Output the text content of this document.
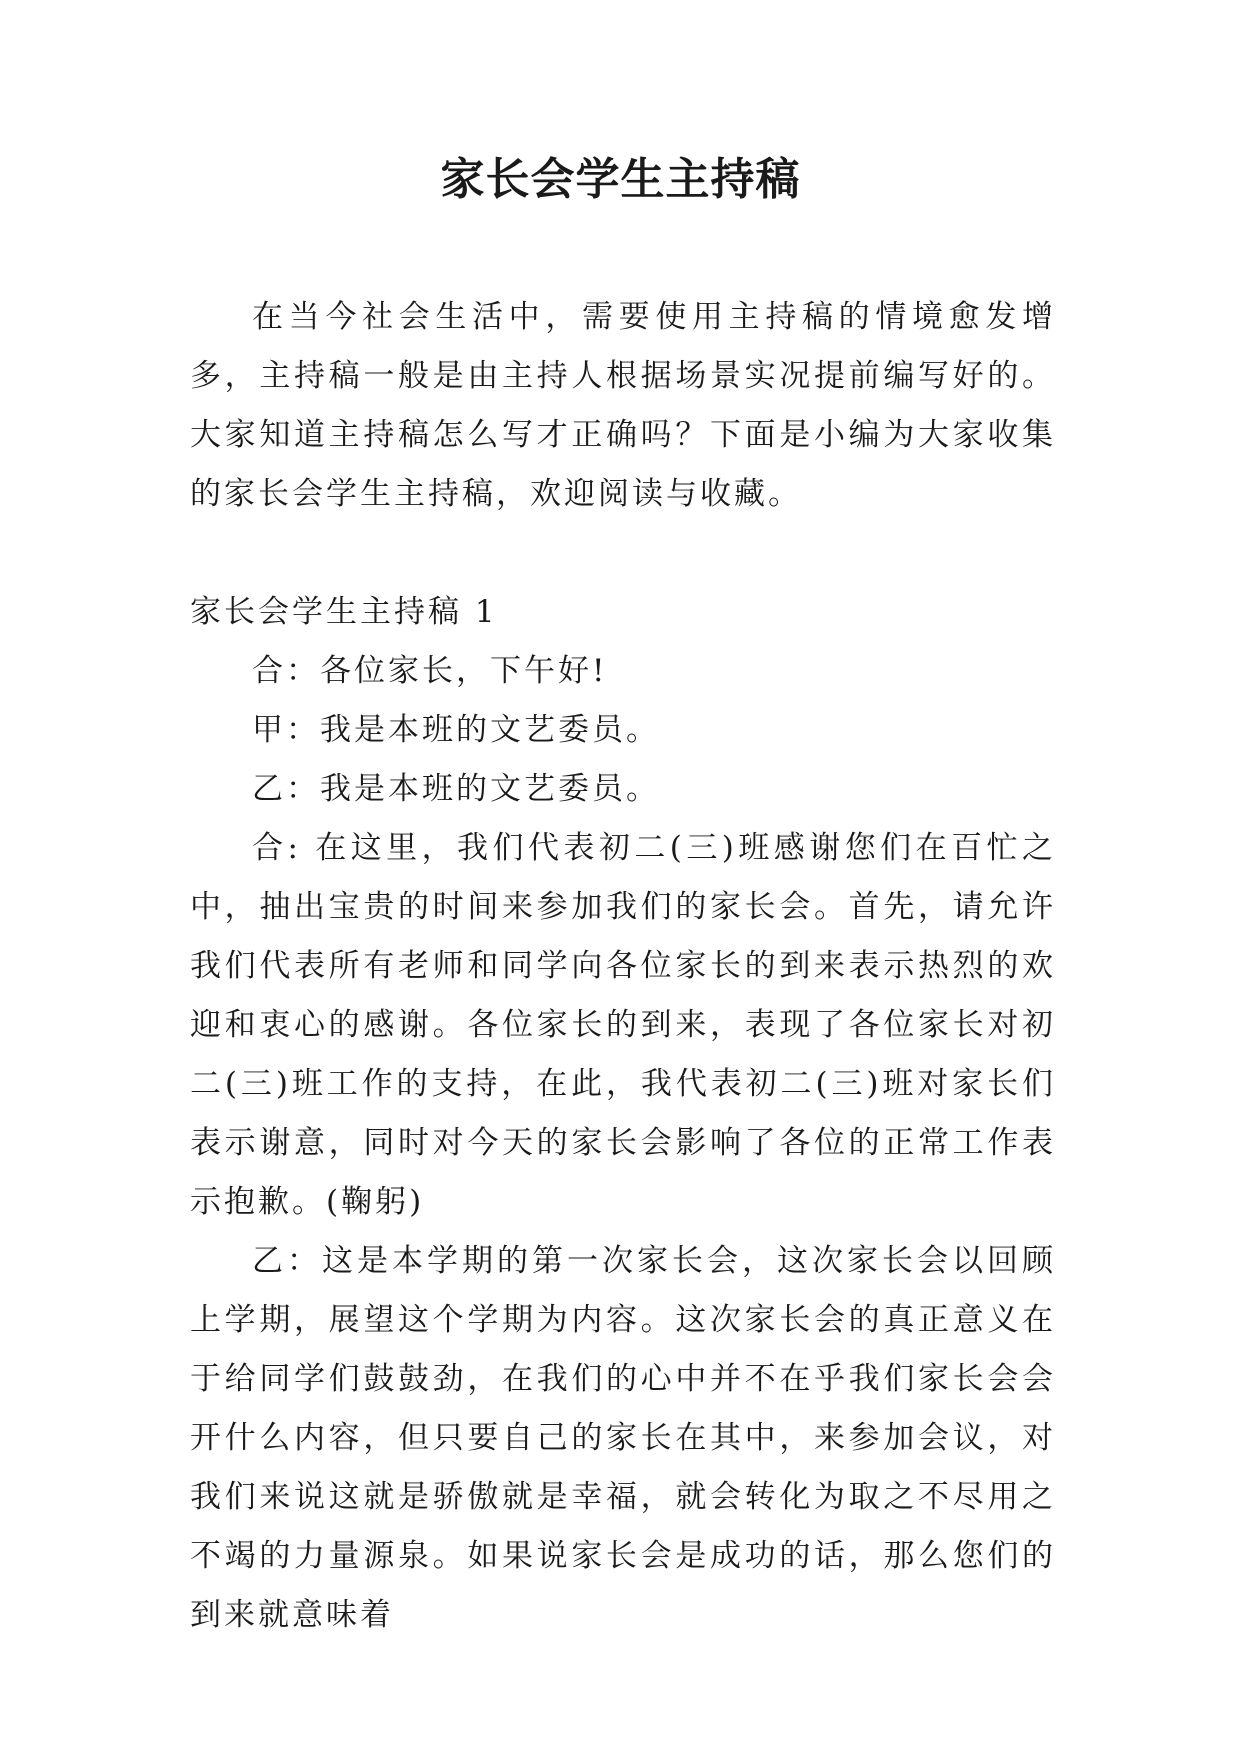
家长会学生主持稿

在当今社会生活中，需要使用主持稿的情境愈发增多，主持稿一般是由主持人根据场景实况提前编写好的。大家知道主持稿怎么写才正确吗？下面是小编为大家收集的家长会学生主持稿，欢迎阅读与收藏。

家长会学生主持稿 1

合：各位家长，下午好!

甲：我是本班的文艺委员。

乙：我是本班的文艺委员。

合: 在这里，我们代表初二(三)班感谢您们在百忙之中，抽出宝贵的时间来参加我们的家长会。首先，请允许我们代表所有老师和同学向各位家长的到来表示热烈的欢迎和衷心的感谢。各位家长的到来，表现了各位家长对初二(三)班工作的支持，在此，我代表初二(三)班对家长们表示谢意，同时对今天的家长会影响了各位的正常工作表示抱歉。(鞠躬)

乙：这是本学期的第一次家长会，这次家长会以回顾上学期，展望这个学期为内容。这次家长会的真正意义在于给同学们鼓鼓劲，在我们的心中并不在乎我们家长会会开什么内容，但只要自己的家长在其中，来参加会议，对我们来说这就是骄傲就是幸福，就会转化为取之不尽用之不竭的力量源泉。如果说家长会是成功的话，那么您们的到来就意味着
